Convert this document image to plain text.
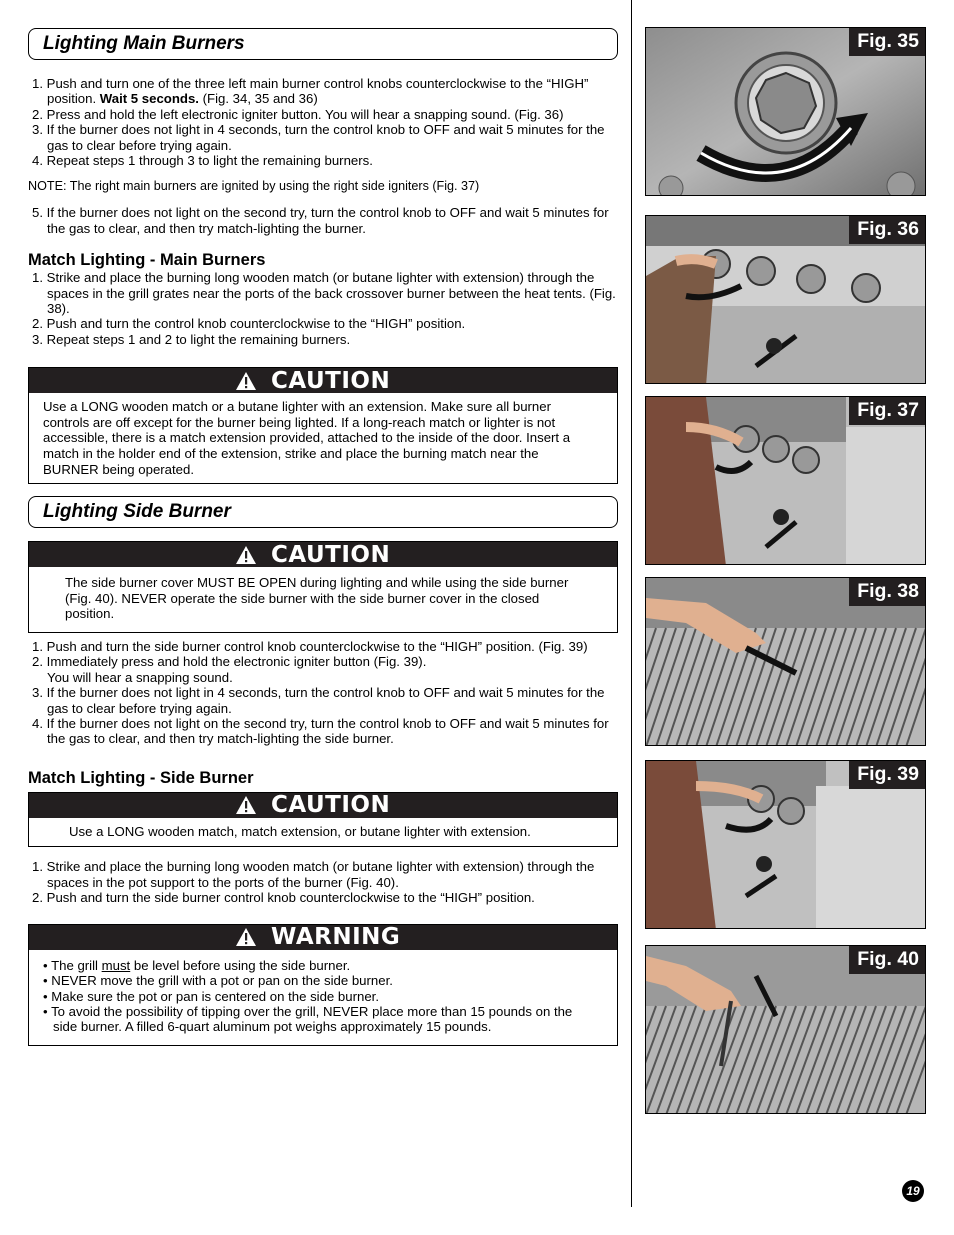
Lighting Main Burners
1. Push and turn one of the three left main burner control knobs counterclockwise to the “HIGH” position. Wait 5 seconds. (Fig. 34, 35 and 36)
2. Press and hold the left electronic igniter button. You will hear a snapping sound. (Fig. 36)
3. If the burner does not light in 4 seconds, turn the control knob to OFF and wait 5 minutes for the gas to clear before trying again.
4. Repeat steps 1 through 3 to light the remaining burners.
NOTE: The right main burners are ignited by using the right side igniters (Fig. 37)
5. If the burner does not light on the second try, turn the control knob to OFF and wait 5 minutes for the gas to clear, and then try match-lighting the burner.
Match Lighting - Main Burners
1. Strike and place the burning long wooden match (or butane lighter with extension) through the spaces in the grill grates near the ports of the back crossover burner between the heat tents. (Fig. 38).
2. Push and turn the control knob counterclockwise to the “HIGH” position.
3. Repeat steps 1 and 2 to light the remaining burners.
CAUTION
Use a LONG wooden match or a butane lighter with an extension. Make sure all burner controls are off except for the burner being lighted. If a long-reach match or lighter is not accessible, there is a match extension provided, attached to the inside of the door. Insert a match in the holder end of the extension, strike and place the burning match near the BURNER being operated.
Lighting Side Burner
CAUTION
The side burner cover MUST BE OPEN during lighting and while using the side burner (Fig. 40). NEVER operate the side burner with the side burner cover in the closed position.
1. Push and turn the side burner control knob counterclockwise to the “HIGH” position. (Fig. 39)
2. Immediately press and hold the electronic igniter button (Fig. 39).
You will hear a snapping sound.
3. If the burner does not light in 4 seconds, turn the control knob to OFF and wait 5 minutes for the gas to clear before trying again.
4. If the burner does not light on the second try, turn the control knob to OFF and wait 5 minutes for the gas to clear, and then try match-lighting the side burner.
Match Lighting - Side Burner
CAUTION
Use a LONG wooden match, match extension, or butane lighter with extension.
1. Strike and place the burning long wooden match (or butane lighter with extension) through the spaces in the pot support to the ports of the burner (Fig. 40).
2. Push and turn the side burner control knob counterclockwise to the “HIGH” position.
WARNING
• The grill must be level before using the side burner.
• NEVER move the grill with a pot or pan on the side burner.
• Make sure the pot or pan is centered on the side burner.
• To avoid the possibility of tipping over the grill, NEVER place more than 15 pounds on the side burner. A filled 6-quart aluminum pot weighs approximately 15 pounds.
Fig. 35
Fig. 36
Fig. 37
Fig. 38
Fig. 39
Fig. 40
19
